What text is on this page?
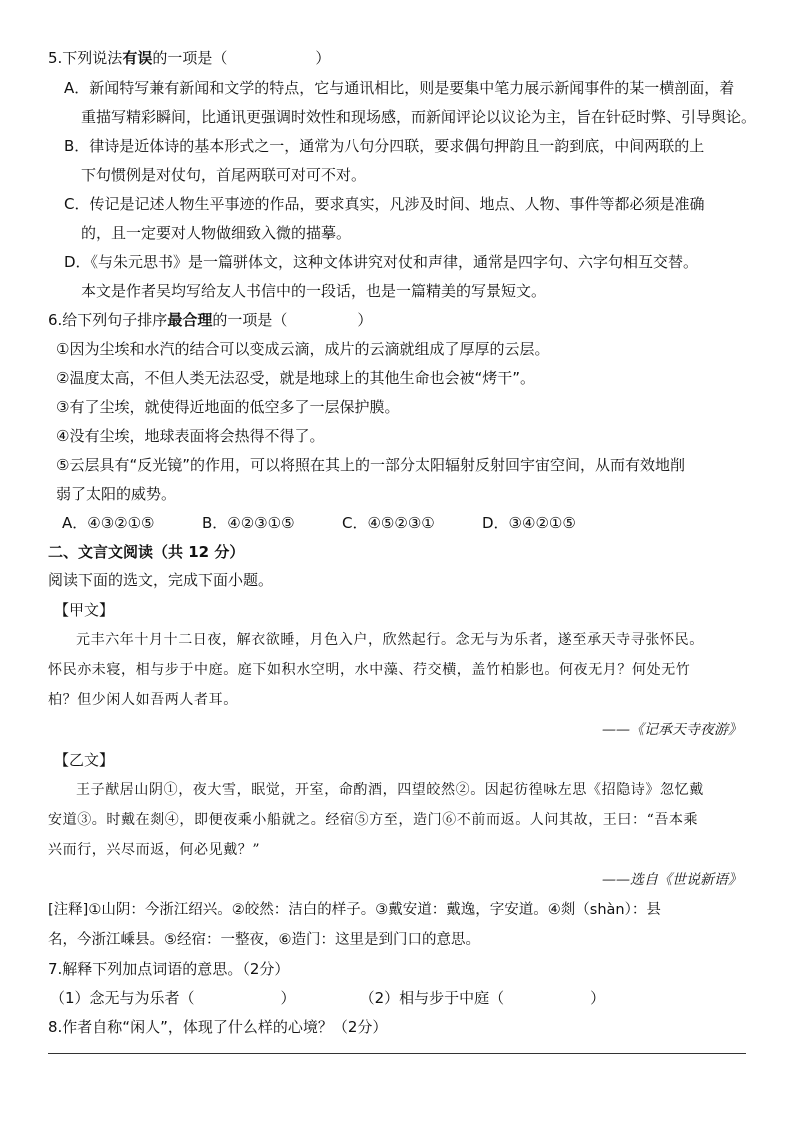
5.下列说法有误的一项是（	）
A．新闻特写兼有新闻和文学的特点，它与通讯相比，则是要集中笔力展示新闻事件的某一横剖面，着
重描写精彩瞬间，比通讯更强调时效性和现场感，而新闻评论以议论为主，旨在针砭时弊、引导舆论。
B．律诗是近体诗的基本形式之一，通常为八句分四联，要求偶句押韵且一韵到底，中间两联的上
下句惯例是对仗句，首尾两联可对可不对。
C．传记是记述人物生平事迹的作品，要求真实，凡涉及时间、地点、人物、事件等都必须是准确
的，且一定要对人物做细致入微的描摹。
D．《与朱元思书》是一篇骈体文，这种文体讲究对仗和声律，通常是四字句、六字句相互交替。
本文是作者吴均写给友人书信中的一段话，也是一篇精美的写景短文。
6.给下列句子排序最合理的一项是（	）
①因为尘埃和水汽的结合可以变成云滴，成片的云滴就组成了厚厚的云层。
②温度太高，不但人类无法忍受，就是地球上的其他生命也会被“烤干”。
③有了尘埃，就使得近地面的低空多了一层保护膜。
④没有尘埃，地球表面将会热得不得了。
⑤云层具有“反光镜”的作用，可以将照在其上的一部分太阳辐射反射回宇宙空间，从而有效地削
弱了太阳的威势。
A．④③②①⑤	B．④②③①⑤	C．④⑤②③①	D．③④②①⑤
二、文言文阅读（共 12 分）
阅读下面的选文，完成下面小题。
【甲文】
元丰六年十月十二日夜，解衣欲睡，月色入户，欣然起行。念无与为乐者，遂至承天寺寻张怀民。
怀民亦未寝，相与步于中庭。庭下如积水空明，水中藻、荇交横，盖竹柏影也。何夜无月？何处无竹
柏？但少闲人如吾两人者耳。
——《记承天寺夜游》
【乙文】
王子猷居山阴①，夜大雪，眠觉，开室，命酌酒，四望皎然②。因起彷徨咏左思《招隐诗》忽忆戴
安道③。时戴在剡④，即便夜乘小船就之。经宿⑤方至，造门⑥不前而返。人问其故，王曰：“吾本乘
兴而行，兴尽而返，何必见戴？”
——选自《世说新语》
[注释]①山阴：今浙江绍兴。②皎然：洁白的样子。③戴安道：戴逸，字安道。④剡（shàn）：县
名，今浙江嵊县。⑤经宿：一整夜，⑥造门：这里是到门口的意思。
7.解释下列加点词语的意思。（2分）
（1）念无与为乐者（	）	（2）相与步于中庭（	）
8.作者自称“闲人”，体现了什么样的心境？（2分）
